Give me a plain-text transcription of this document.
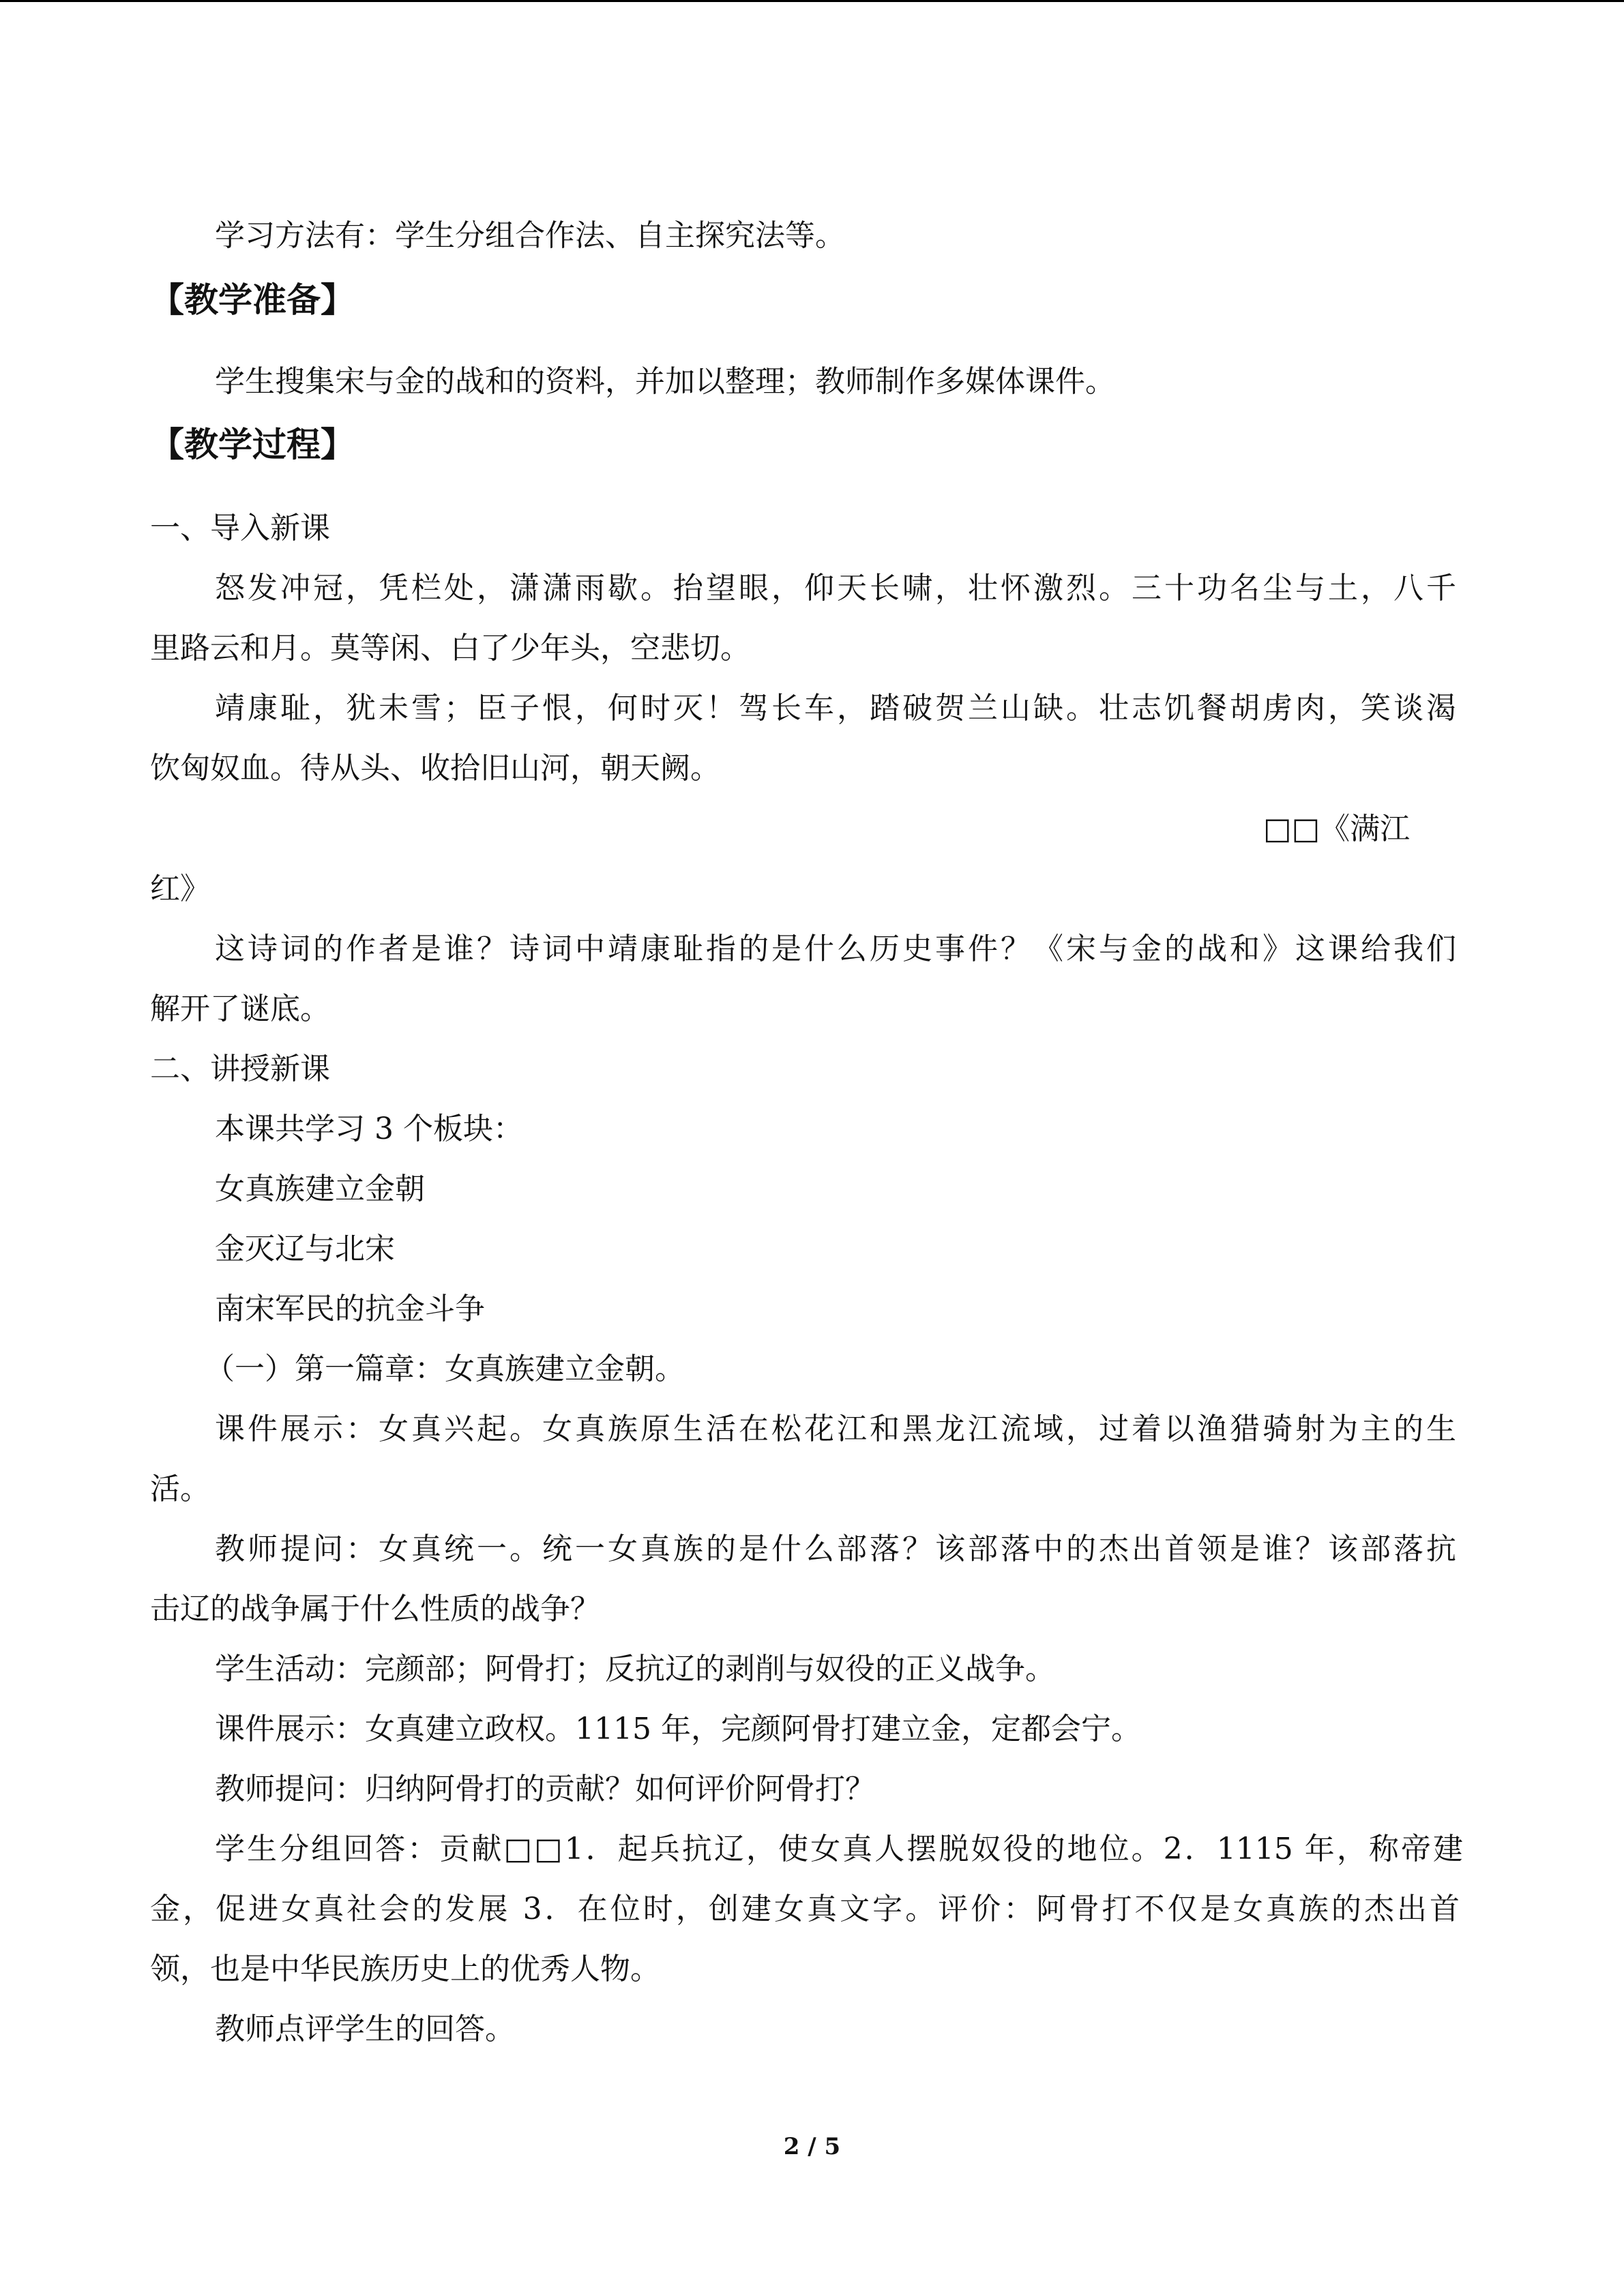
学习方法有：学生分组合作法、自主探究法等。

【教学准备】

学生搜集宋与金的战和的资料，并加以整理；教师制作多媒体课件。

【教学过程】

一、导入新课

怒发冲冠，凭栏处，潇潇雨歇。抬望眼，仰天长啸，壮怀激烈。三十功名尘与土，八千

里路云和月。莫等闲、白了少年头，空悲切。

靖康耻，犹未雪；臣子恨，何时灭！驾长车，踏破贺兰山缺。壮志饥餐胡虏肉，笑谈渴

饮匈奴血。待从头、收拾旧山河，朝天阙。

□□《满江

红》

这诗词的作者是谁？诗词中靖康耻指的是什么历史事件？《宋与金的战和》这课给我们

解开了谜底。

二、讲授新课

本课共学习 3 个板块：

女真族建立金朝

金灭辽与北宋

南宋军民的抗金斗争

（一）第一篇章：女真族建立金朝。

课件展示：女真兴起。女真族原生活在松花江和黑龙江流域，过着以渔猎骑射为主的生

活。

教师提问：女真统一。统一女真族的是什么部落？该部落中的杰出首领是谁？该部落抗

击辽的战争属于什么性质的战争？

学生活动：完颜部；阿骨打；反抗辽的剥削与奴役的正义战争。

课件展示：女真建立政权。1115 年，完颜阿骨打建立金，定都会宁。

教师提问：归纳阿骨打的贡献？如何评价阿骨打？

学生分组回答：贡献□□1．起兵抗辽，使女真人摆脱奴役的地位。2．1115 年，称帝建

金，促进女真社会的发展 3．在位时，创建女真文字。评价：阿骨打不仅是女真族的杰出首

领，也是中华民族历史上的优秀人物。

教师点评学生的回答。

2 / 5
